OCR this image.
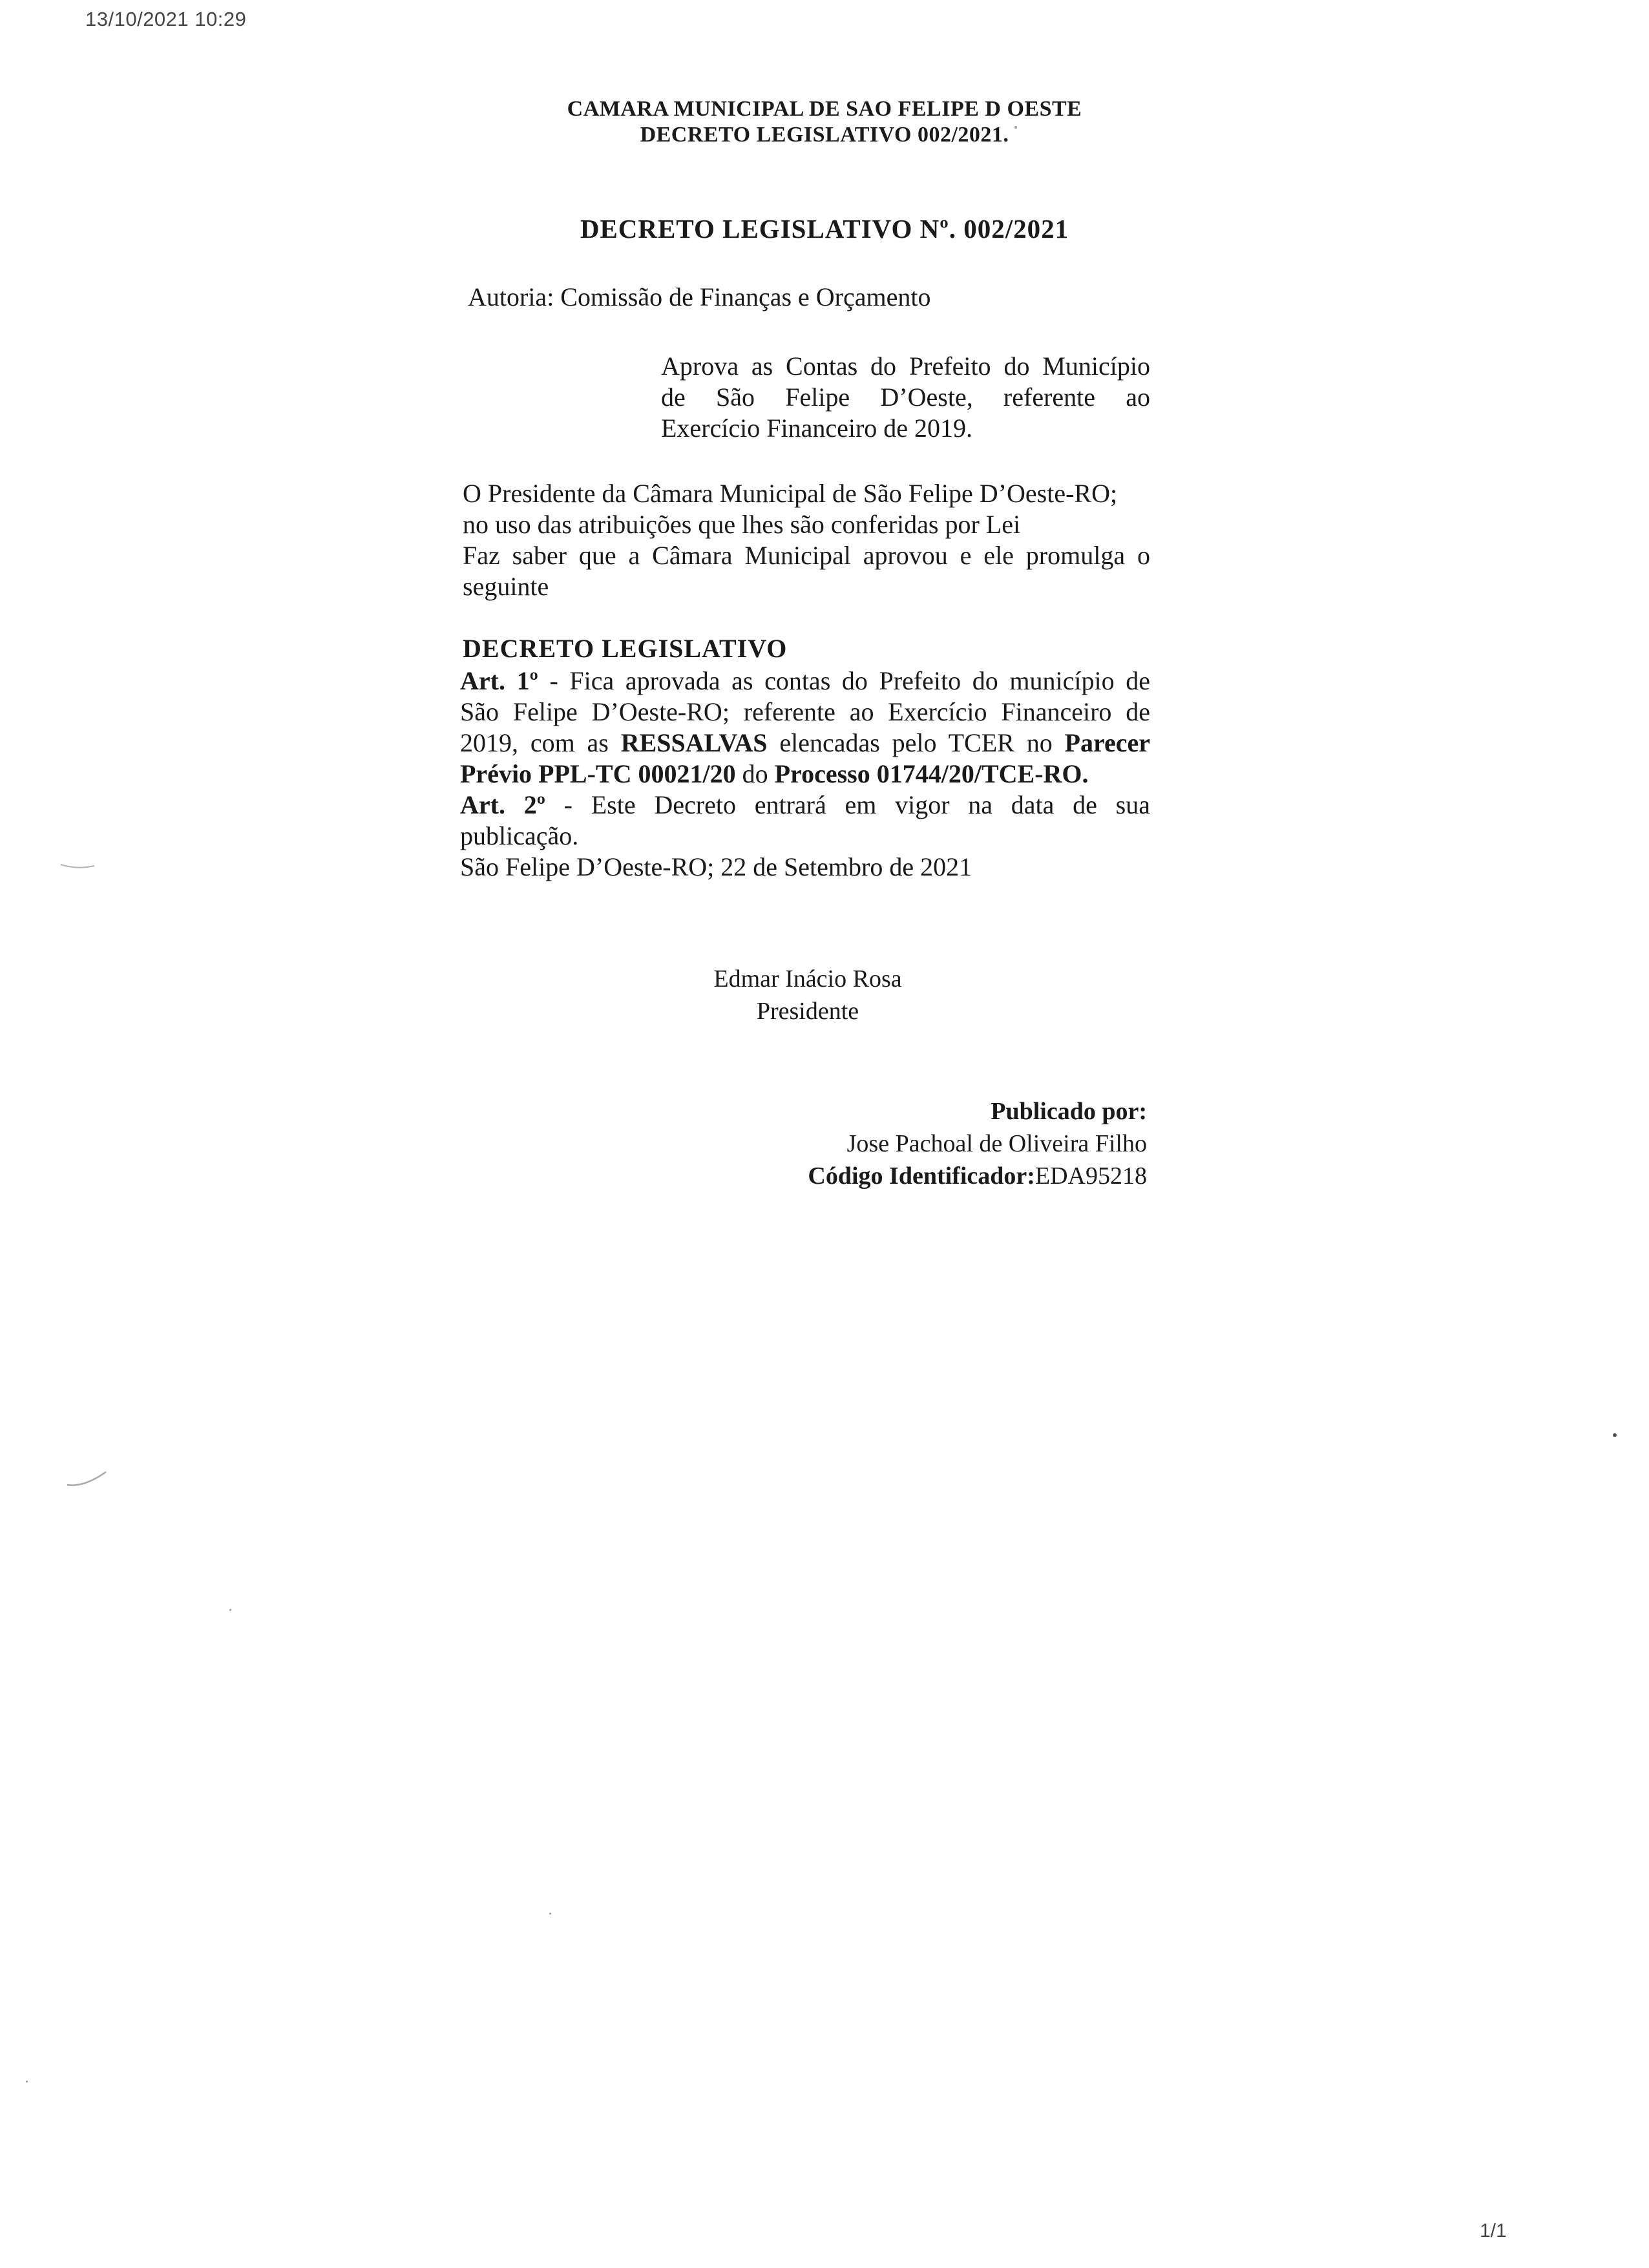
13/10/2021 10:29
CAMARA MUNICIPAL DE SAO FELIPE D OESTE
DECRETO LEGISLATIVO 002/2021.
DECRETO LEGISLATIVO Nº. 002/2021
Autoria: Comissão de Finanças e Orçamento
Aprova as Contas do Prefeito do Município
de São Felipe D’Oeste, referente ao
Exercício Financeiro de 2019.
O Presidente da Câmara Municipal de São Felipe D’Oeste-RO;
no uso das atribuições que lhes são conferidas por Lei
Faz saber que a Câmara Municipal aprovou e ele promulga o
seguinte
DECRETO LEGISLATIVO
Art. 1º - Fica aprovada as contas do Prefeito do município de
São Felipe D’Oeste-RO; referente ao Exercício Financeiro de
2019, com as RESSALVAS elencadas pelo TCER no Parecer
Prévio PPL-TC 00021/20 do Processo 01744/20/TCE-RO.
Art. 2º - Este Decreto entrará em vigor na data de sua
publicação.
São Felipe D’Oeste-RO; 22 de Setembro de 2021
Edmar Inácio Rosa
Presidente
Publicado por:
Jose Pachoal de Oliveira Filho
Código Identificador:EDA95218
1/1
